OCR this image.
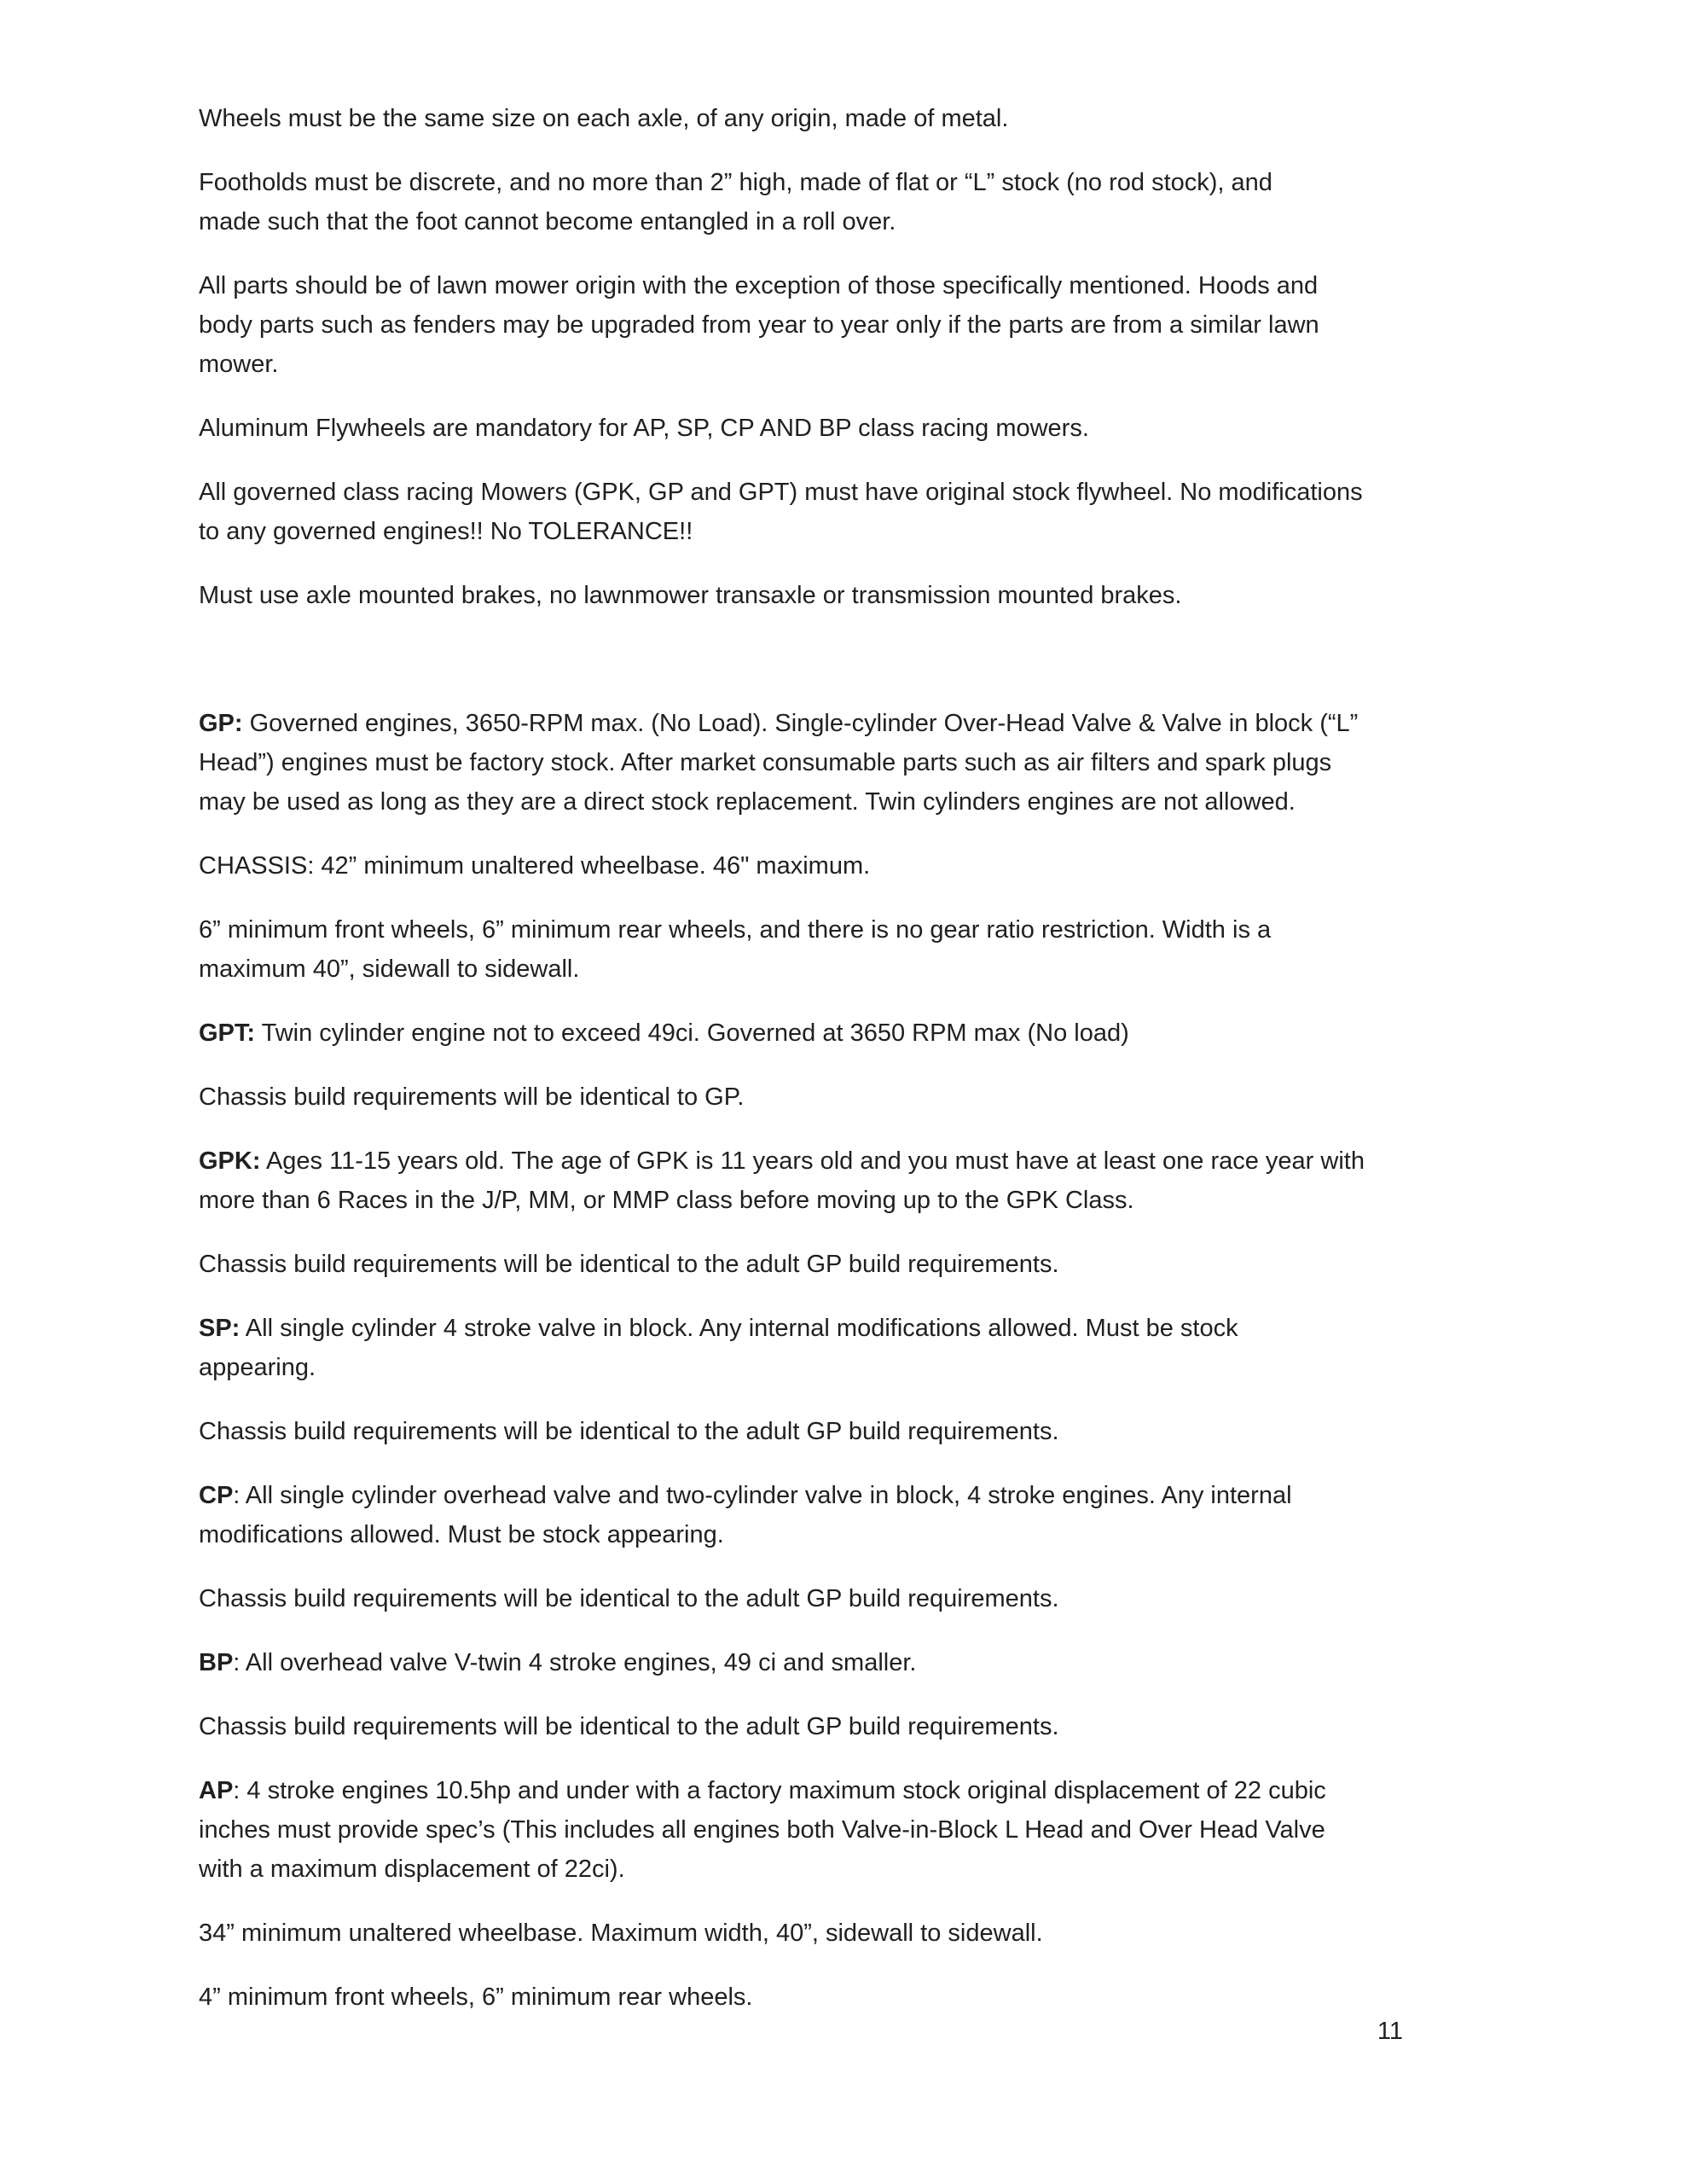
Wheels must be the same size on each axle, of any origin, made of metal.

Footholds must be discrete, and no more than 2” high, made of flat or “L” stock (no rod stock), and
made such that the foot cannot become entangled in a roll over.

All parts should be of lawn mower origin with the exception of those specifically mentioned. Hoods and
body parts such as fenders may be upgraded from year to year only if the parts are from a similar lawn
mower.

Aluminum Flywheels are mandatory for AP, SP, CP AND BP class racing mowers.

All governed class racing Mowers (GPK, GP and GPT) must have original stock flywheel. No modifications
to any governed engines!! No TOLERANCE!!

Must use axle mounted brakes, no lawnmower transaxle or transmission mounted brakes.

GP: Governed engines, 3650-RPM max. (No Load). Single-cylinder Over-Head Valve & Valve in block (“L”
Head”) engines must be factory stock. After market consumable parts such as air filters and spark plugs
may be used as long as they are a direct stock replacement. Twin cylinders engines are not allowed.

CHASSIS: 42” minimum unaltered wheelbase. 46" maximum.

6” minimum front wheels, 6” minimum rear wheels, and there is no gear ratio restriction. Width is a
maximum 40”, sidewall to sidewall.

GPT: Twin cylinder engine not to exceed 49ci. Governed at 3650 RPM max (No load)

Chassis build requirements will be identical to GP.

GPK: Ages 11-15 years old. The age of GPK is 11 years old and you must have at least one race year with
more than 6 Races in the J/P, MM, or MMP class before moving up to the GPK Class.

Chassis build requirements will be identical to the adult GP build requirements.

SP: All single cylinder 4 stroke valve in block. Any internal modifications allowed. Must be stock
appearing.

Chassis build requirements will be identical to the adult GP build requirements.

CP: All single cylinder overhead valve and two-cylinder valve in block, 4 stroke engines. Any internal
modifications allowed. Must be stock appearing.

Chassis build requirements will be identical to the adult GP build requirements.

BP: All overhead valve V-twin 4 stroke engines, 49 ci and smaller.

Chassis build requirements will be identical to the adult GP build requirements.

AP: 4 stroke engines 10.5hp and under with a factory maximum stock original displacement of 22 cubic
inches must provide spec’s (This includes all engines both Valve-in-Block L Head and Over Head Valve
with a maximum displacement of 22ci).

34” minimum unaltered wheelbase. Maximum width, 40”, sidewall to sidewall.

4” minimum front wheels, 6” minimum rear wheels.

11
